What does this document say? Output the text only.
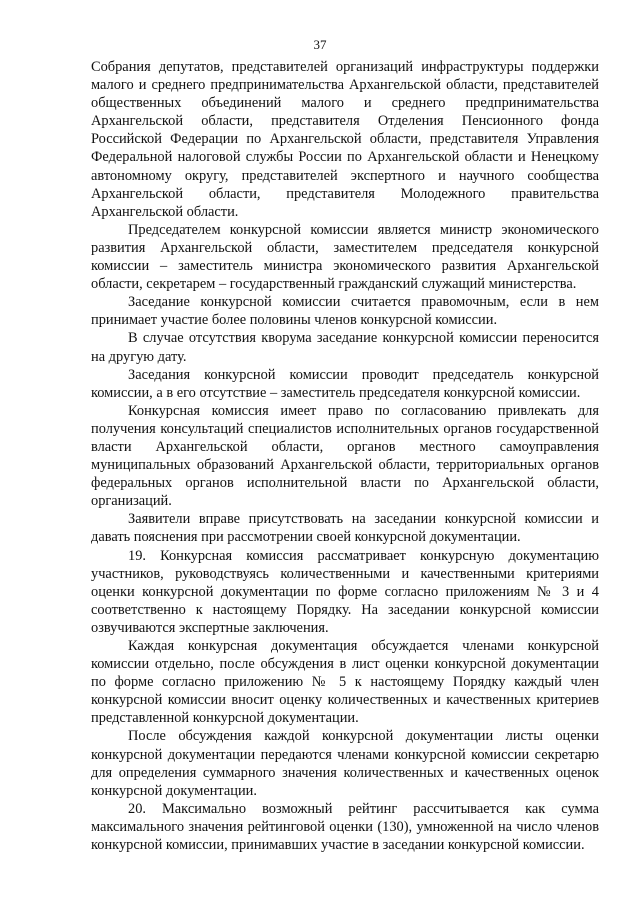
37

Собрания депутатов, представителей организаций инфраструктуры поддержки малого и среднего предпринимательства Архангельской области, представителей общественных объединений малого и среднего предпринимательства Архангельской области, представителя Отделения Пенсионного фонда Российской Федерации по Архангельской области, представителя Управления Федеральной налоговой службы России по Архангельской области и Ненецкому автономному округу, представителей экспертного и научного сообщества Архангельской области, представителя Молодежного правительства Архангельской области.

Председателем конкурсной комиссии является министр экономического развития Архангельской области, заместителем председателя конкурсной комиссии – заместитель министра экономического развития Архангельской области, секретарем – государственный гражданский служащий министерства.

Заседание конкурсной комиссии считается правомочным, если в нем принимает участие более половины членов конкурсной комиссии.

В случае отсутствия кворума заседание конкурсной комиссии переносится на другую дату.

Заседания конкурсной комиссии проводит председатель конкурсной комиссии, а в его отсутствие – заместитель председателя конкурсной комиссии.

Конкурсная комиссия имеет право по согласованию привлекать для получения консультаций специалистов исполнительных органов государственной власти Архангельской области, органов местного самоуправления муниципальных образований Архангельской области, территориальных органов федеральных органов исполнительной власти по Архангельской области, организаций.

Заявители вправе присутствовать на заседании конкурсной комиссии и давать пояснения при рассмотрении своей конкурсной документации.

19. Конкурсная комиссия рассматривает конкурсную документацию участников, руководствуясь количественными и качественными критериями оценки конкурсной документации по форме согласно приложениям № 3 и 4 соответственно к настоящему Порядку. На заседании конкурсной комиссии озвучиваются экспертные заключения.

Каждая конкурсная документация обсуждается членами конкурсной комиссии отдельно, после обсуждения в лист оценки конкурсной документации по форме согласно приложению № 5 к настоящему Порядку каждый член конкурсной комиссии вносит оценку количественных и качественных критериев представленной конкурсной документации.

После обсуждения каждой конкурсной документации листы оценки конкурсной документации передаются членами конкурсной комиссии секретарю для определения суммарного значения количественных и качественных оценок конкурсной документации.

20. Максимально возможный рейтинг рассчитывается как сумма максимального значения рейтинговой оценки (130), умноженной на число членов конкурсной комиссии, принимавших участие в заседании конкурсной комиссии.
